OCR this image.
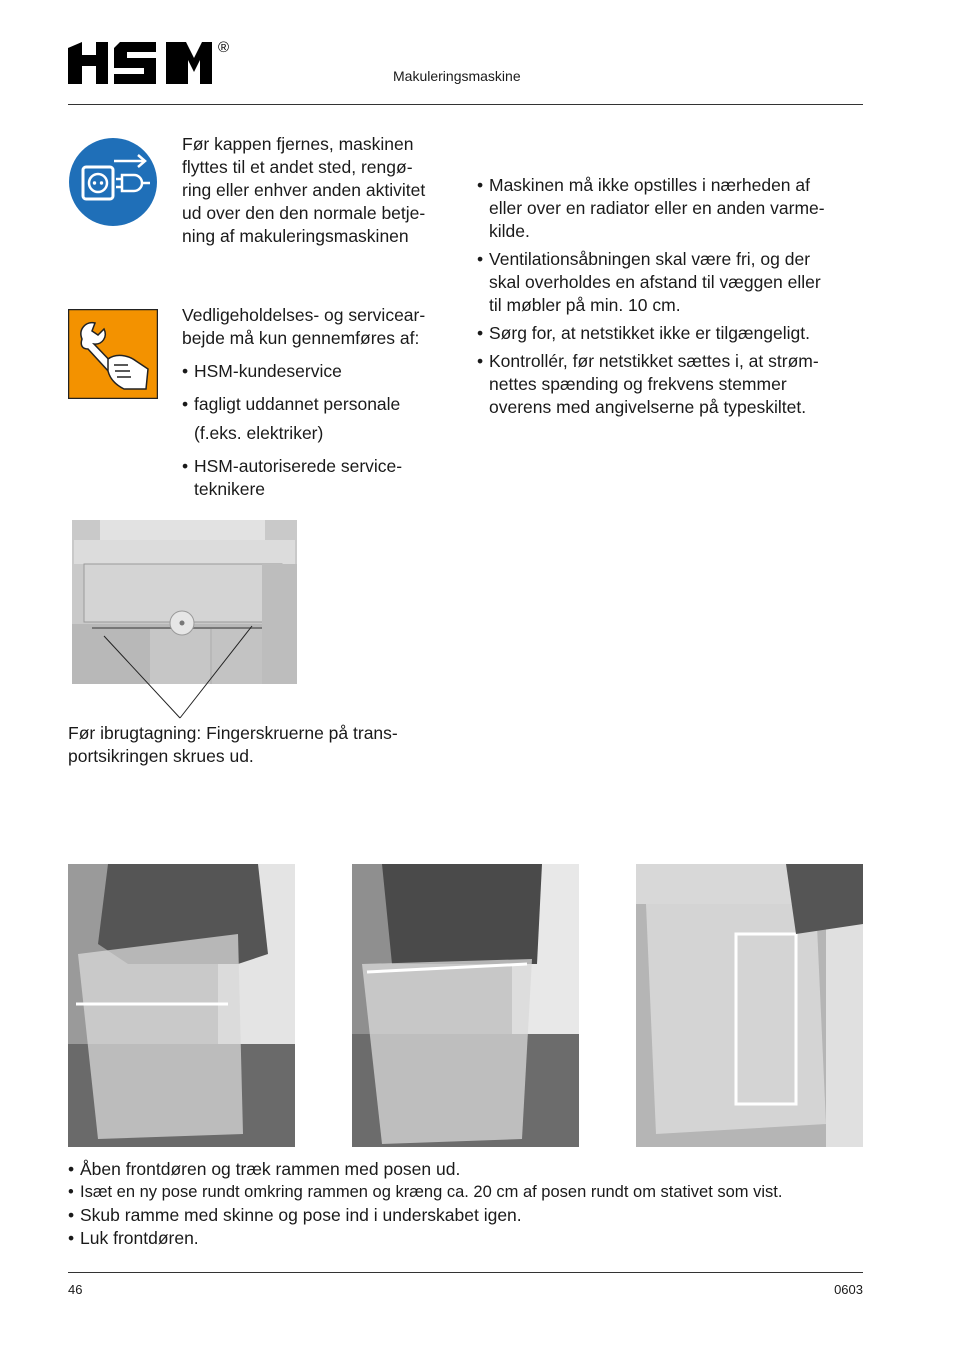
®
Makuleringsmaskine
Før kappen fjernes, maskinen
flyttes til et andet sted, rengø-
ring eller enhver anden aktivitet
ud over den den normale betje-
ning af makuleringsmaskinen
Vedligeholdelses- og servicear-
bejde må kun gennemføres af:
• HSM-kundeservice
• fagligt uddannet personale
(f.eks. elektriker)
• HSM-autoriserede service-
teknikere
• Maskinen må ikke opstilles i nærheden af
eller over en radiator eller en anden varme-
kilde.
• Ventilationsåbningen skal være fri, og der
skal overholdes en afstand til væggen eller
til møbler på min. 10 cm.
• Sørg for, at netstikket ikke er tilgængeligt.
• Kontrollér, før netstikket sættes i, at strøm-
nettes spænding og frekvens stemmer
overens med angivelserne på typeskiltet.
Før ibrugtagning: Fingerskruerne på trans-
portsikringen skrues ud.
• Åben frontdøren og træk rammen med posen ud.
• Isæt en ny pose rundt omkring rammen og kræng ca. 20 cm af posen rundt om stativet som vist.
• Skub ramme med skinne og pose ind i underskabet igen.
• Luk frontdøren.
46	0603
